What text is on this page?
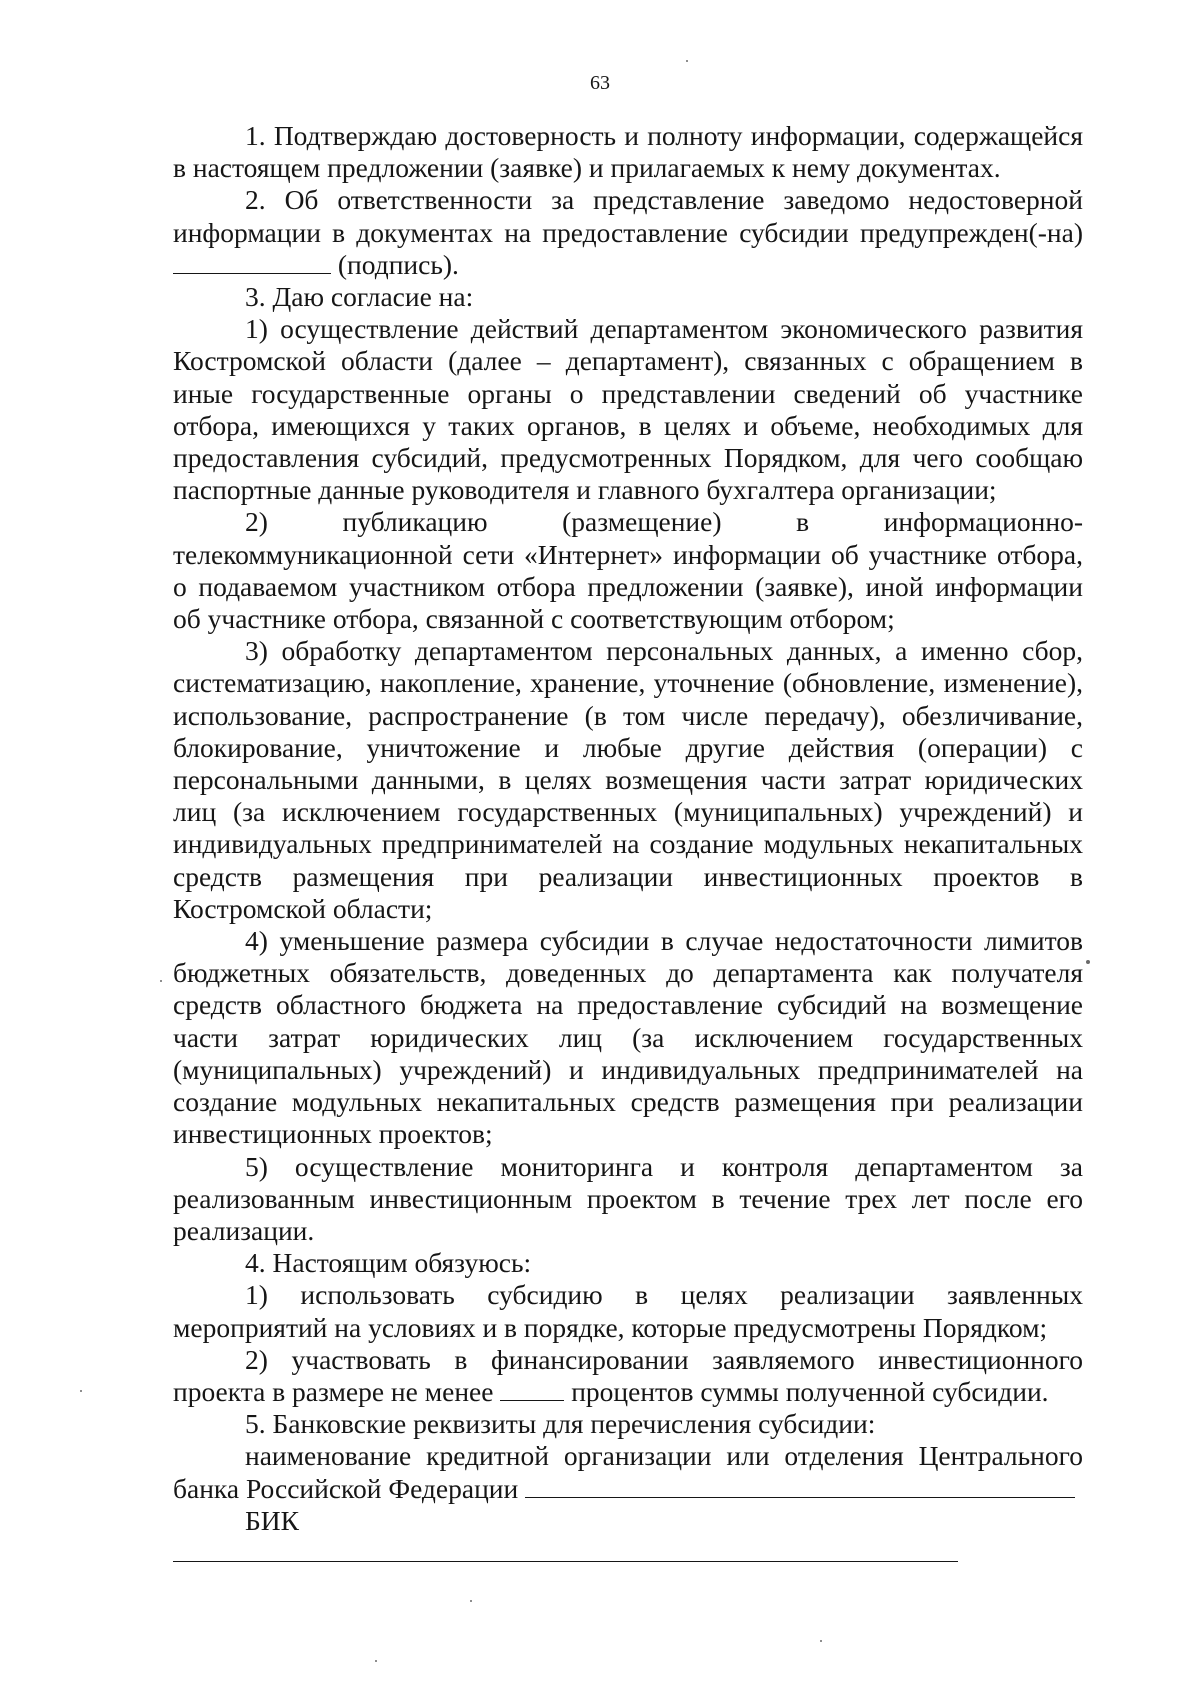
63

1. Подтверждаю достоверность и полноту информации, содержащейся в настоящем предложении (заявке) и прилагаемых к нему документах.

2. Об ответственности за представление заведомо недостоверной информации в документах на предоставление субсидии предупрежден(-на)  (подпись).

3. Даю согласие на:

1) осуществление действий департаментом экономического развития Костромской области (далее – департамент), связанных с обращением в иные государственные органы о представлении сведений об участнике отбора, имеющихся у таких органов, в целях и объеме, необходимых для предоставления субсидий, предусмотренных Порядком, для чего сообщаю паспортные данные руководителя и главного бухгалтера организации;

2) публикацию (размещение) в информационно-телекоммуникационной сети «Интернет» информации об участнике отбора, о подаваемом участником отбора предложении (заявке), иной информации об участнике отбора, связанной с соответствующим отбором;

3) обработку департаментом персональных данных, а именно сбор, систематизацию, накопление, хранение, уточнение (обновление, изменение), использование, распространение (в том числе передачу), обезличивание, блокирование, уничтожение и любые другие действия (операции) с персональными данными, в целях возмещения части затрат юридических лиц (за исключением государственных (муниципальных) учреждений) и индивидуальных предпринимателей на создание модульных некапитальных средств размещения при реализации инвестиционных проектов в Костромской области;

4) уменьшение размера субсидии в случае недостаточности лимитов бюджетных обязательств, доведенных до департамента как получателя средств областного бюджета на предоставление субсидий на возмещение части затрат юридических лиц (за исключением государственных (муниципальных) учреждений) и индивидуальных предпринимателей на создание модульных некапитальных средств размещения при реализации инвестиционных проектов;

5) осуществление мониторинга и контроля департаментом за реализованным инвестиционным проектом в течение трех лет после его реализации.

4. Настоящим обязуюсь:

1) использовать субсидию в целях реализации заявленных мероприятий на условиях и в порядке, которые предусмотрены Порядком;

2) участвовать в финансировании заявляемого инвестиционного проекта в размере не менее	процентов суммы полученной субсидии.

5. Банковские реквизиты для перечисления субсидии:

наименование кредитной организации или отделения Центрального банка Российской Федерации

БИК
